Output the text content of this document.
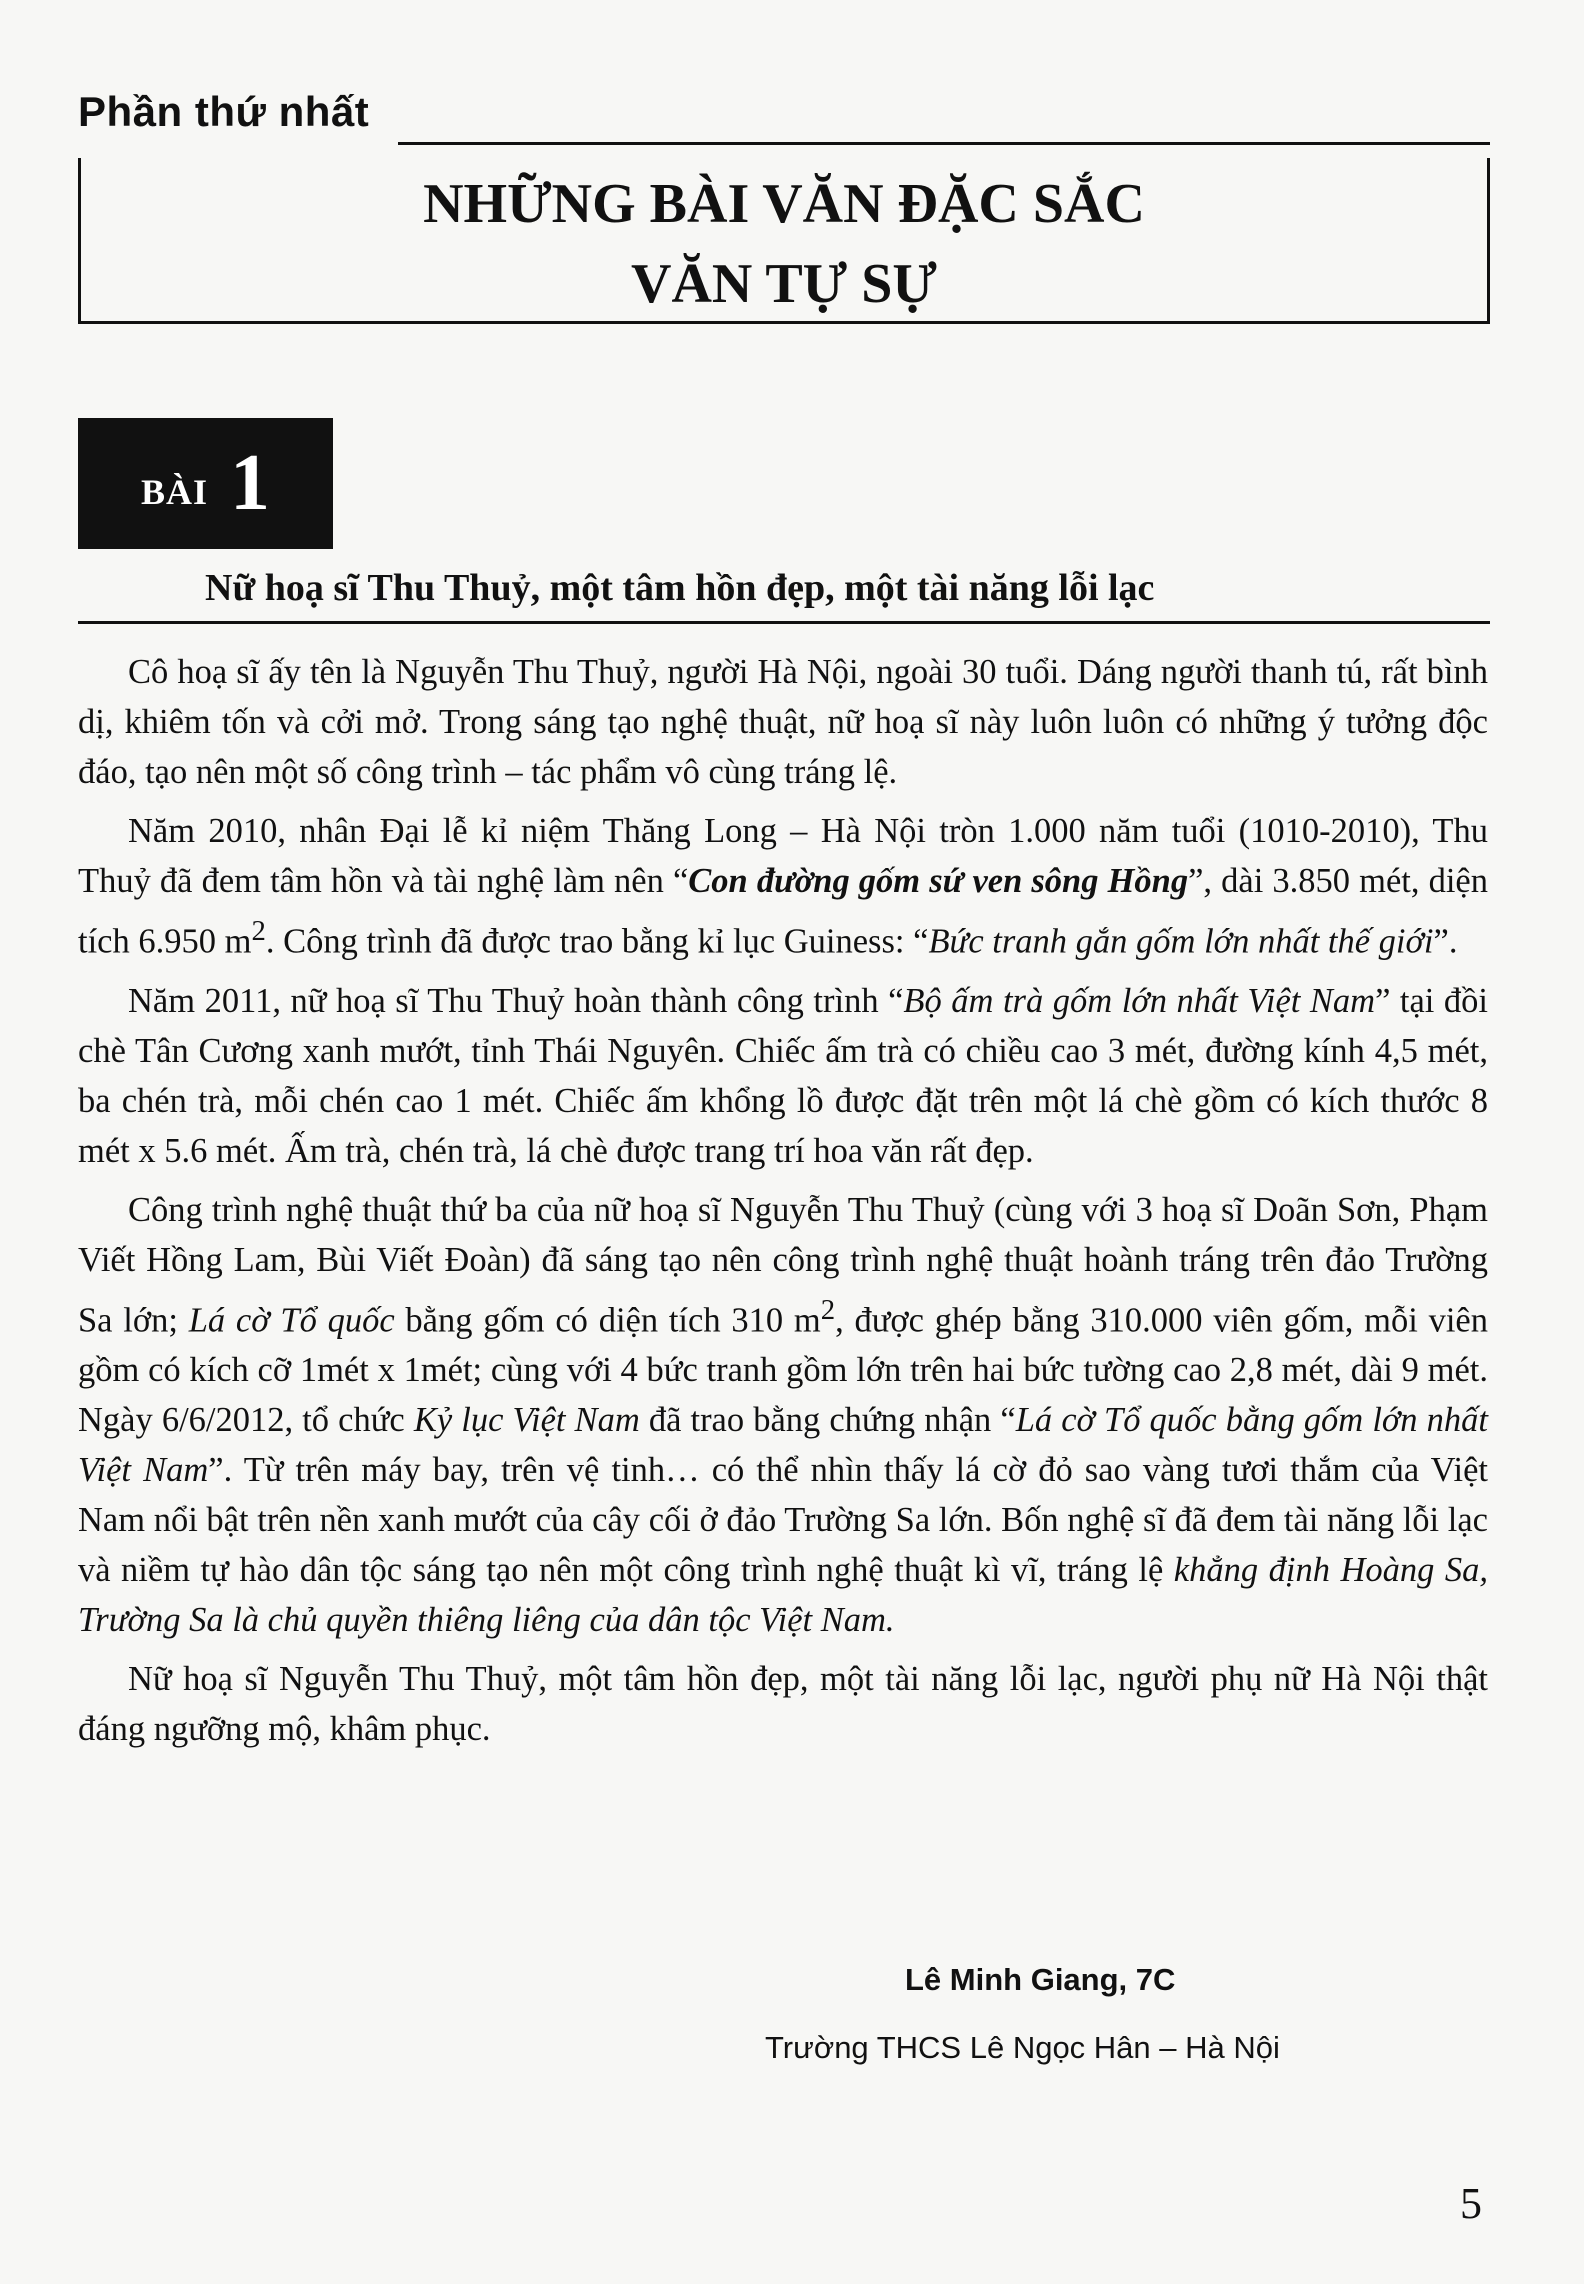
Phần thứ nhất
NHỮNG BÀI VĂN ĐẶC SẮC
VĂN TỰ SỰ
BÀI 1
Nữ hoạ sĩ Thu Thuỷ, một tâm hồn đẹp, một tài năng lỗi lạc

Cô hoạ sĩ ấy tên là Nguyễn Thu Thuỷ, người Hà Nội, ngoài 30 tuổi. Dáng người thanh tú, rất bình dị, khiêm tốn và cởi mở. Trong sáng tạo nghệ thuật, nữ hoạ sĩ này luôn luôn có những ý tưởng độc đáo, tạo nên một số công trình – tác phẩm vô cùng tráng lệ.

Năm 2010, nhân Đại lễ kỉ niệm Thăng Long – Hà Nội tròn 1.000 năm tuổi (1010-2010), Thu Thuỷ đã đem tâm hồn và tài nghệ làm nên “Con đường gốm sứ ven sông Hồng”, dài 3.850 mét, diện tích 6.950 $m^2$. Công trình đã được trao bằng kỉ lục Guiness: “Bức tranh gắn gốm lớn nhất thế giới”.

Năm 2011, nữ hoạ sĩ Thu Thuỷ hoàn thành công trình “Bộ ấm trà gốm lớn nhất Việt Nam” tại đồi chè Tân Cương xanh mướt, tỉnh Thái Nguyên. Chiếc ấm trà có chiều cao 3 mét, đường kính 4,5 mét, ba chén trà, mỗi chén cao 1 mét. Chiếc ấm khổng lồ được đặt trên một lá chè gồm có kích thước 8 mét x 5.6 mét. Ấm trà, chén trà, lá chè được trang trí hoa văn rất đẹp.

Công trình nghệ thuật thứ ba của nữ hoạ sĩ Nguyễn Thu Thuỷ (cùng với 3 hoạ sĩ Doãn Sơn, Phạm Viết Hồng Lam, Bùi Viết Đoàn) đã sáng tạo nên công trình nghệ thuật hoành tráng trên đảo Trường Sa lớn; Lá cờ Tổ quốc bằng gốm có diện tích 310 $m^2$, được ghép bằng 310.000 viên gốm, mỗi viên gồm có kích cỡ 1mét x 1mét; cùng với 4 bức tranh gồm lớn trên hai bức tường cao 2,8 mét, dài 9 mét. Ngày 6/6/2012, tổ chức Kỷ lục Việt Nam đã trao bằng chứng nhận “Lá cờ Tổ quốc bằng gốm lớn nhất Việt Nam”. Từ trên máy bay, trên vệ tinh… có thể nhìn thấy lá cờ đỏ sao vàng tươi thắm của Việt Nam nổi bật trên nền xanh mướt của cây cối ở đảo Trường Sa lớn. Bốn nghệ sĩ đã đem tài năng lỗi lạc và niềm tự hào dân tộc sáng tạo nên một công trình nghệ thuật kì vĩ, tráng lệ khẳng định Hoàng Sa, Trường Sa là chủ quyền thiêng liêng của dân tộc Việt Nam.

Nữ hoạ sĩ Nguyễn Thu Thuỷ, một tâm hồn đẹp, một tài năng lỗi lạc, người phụ nữ Hà Nội thật đáng ngưỡng mộ, khâm phục.

Lê Minh Giang, 7C
Trường THCS Lê Ngọc Hân – Hà Nội
5
